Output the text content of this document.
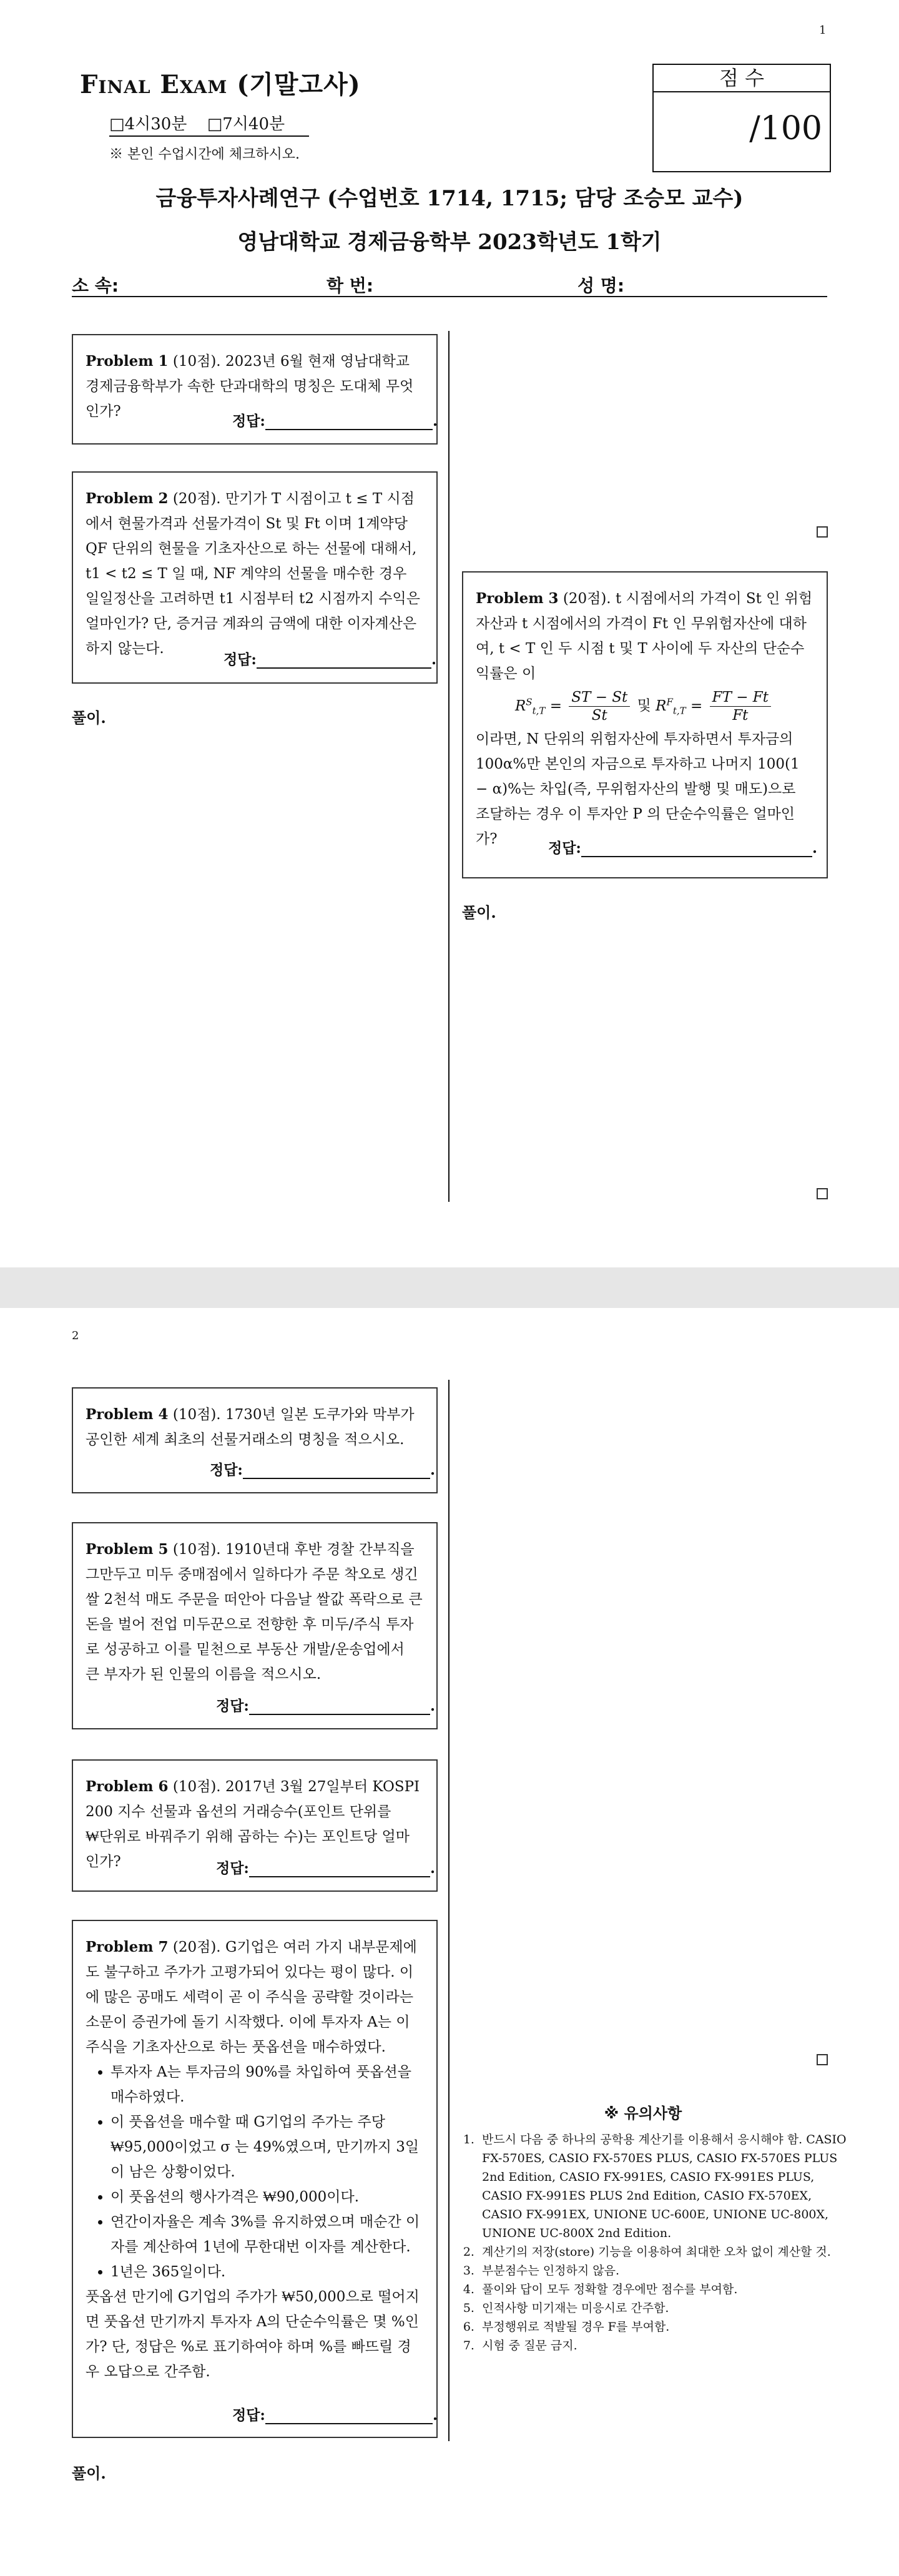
1
Final Exam (기말고사)
□4시30분 □7시40분
※ 본인 수업시간에 체크하시오.
점 수
/100
금융투자사례연구 (수업번호 1714, 1715; 담당 조승모 교수)
영남대학교 경제금융학부 2023학년도 1학기
소 속:	학 번:	성 명:
Problem 1 (10점). 2023년 6월 현재 영남대학교 경제금융학부가 속한 단과대학의 명칭은 도대체 무엇인가?
정답:	.
Problem 2 (20점). 만기가 T 시점이고 t ≤ T 시점에서 현물가격과 선물가격이 St 및 Ft 이며 1계약당 QF 단위의 현물을 기초자산으로 하는 선물에 대해서, t1 < t2 ≤ T 일 때, NF 계약의 선물을 매수한 경우 일일정산을 고려하면 t1 시점부터 t2 시점까지 수익은 얼마인가? 단, 증거금 계좌의 금액에 대한 이자계산은 하지 않는다.
정답:	.
풀이.
Problem 3 (20점). t 시점에서의 가격이 St 인 위험자산과 t 시점에서의 가격이 Ft 인 무위험자산에 대하여, t < T 인 두 시점 t 및 T 사이에 두 자산의 단순수익률은 이
$R^S_{t,T} = \frac{ST - St}{St}$ 및 $R^F_{t,T} = \frac{FT - Ft}{Ft}$
이라면, N 단위의 위험자산에 투자하면서 투자금의 100α%만 본인의 자금으로 투자하고 나머지 100(1 − α)%는 차입(즉, 무위험자산의 발행 및 매도)으로 조달하는 경우 이 투자안 P 의 단순수익률은 얼마인가?
정답:	.
풀이.
2
Problem 4 (10점). 1730년 일본 도쿠가와 막부가 공인한 세계 최초의 선물거래소의 명칭을 적으시오.
정답:	.
Problem 5 (10점). 1910년대 후반 경찰 간부직을 그만두고 미두 중매점에서 일하다가 주문 착오로 생긴 쌀 2천석 매도 주문을 떠안아 다음날 쌀값 폭락으로 큰 돈을 벌어 전업 미두꾼으로 전향한 후 미두/주식 투자로 성공하고 이를 밑천으로 부동산 개발/운송업에서 큰 부자가 된 인물의 이름을 적으시오.
정답:	.
Problem 6 (10점). 2017년 3월 27일부터 KOSPI 200 지수 선물과 옵션의 거래승수(포인트 단위를 ₩단위로 바꿔주기 위해 곱하는 수)는 포인트당 얼마인가?	정답:	.
Problem 7 (20점). G기업은 여러 가지 내부문제에도 불구하고 주가가 고평가되어 있다는 평이 많다. 이에 많은 공매도 세력이 곧 이 주식을 공략할 것이라는 소문이 증권가에 돌기 시작했다. 이에 투자자 A는 이 주식을 기초자산으로 하는 풋옵션을 매수하였다.
• 투자자 A는 투자금의 90%를 차입하여 풋옵션을 매수하였다.
• 이 풋옵션을 매수할 때 G기업의 주가는 주당 ₩95,000이었고 σ 는 49%였으며, 만기까지 3일이 남은 상황이었다.
• 이 풋옵션의 행사가격은 ₩90,000이다.
• 연간이자율은 계속 3%를 유지하였으며 매순간 이자를 계산하여 1년에 무한대번 이자를 계산한다.
• 1년은 365일이다.
풋옵션 만기에 G기업의 주가가 ₩50,000으로 떨어지면 풋옵션 만기까지 투자자 A의 단순수익률은 몇 %인가? 단, 정답은 %로 표기하여야 하며 %를 빠뜨릴 경우 오답으로 간주함.
정답:	.
풀이.
※ 유의사항
1. 반드시 다음 중 하나의 공학용 계산기를 이용해서 응시해야 함. CASIO FX-570ES, CASIO FX-570ES PLUS, CASIO FX-570ES PLUS 2nd Edition, CASIO FX-991ES, CASIO FX-991ES PLUS, CASIO FX-991ES PLUS 2nd Edition, CASIO FX-570EX, CASIO FX-991EX, UNIONE UC-600E, UNIONE UC-800X, UNIONE UC-800X 2nd Edition.
2. 계산기의 저장(store) 기능을 이용하여 최대한 오차 없이 계산할 것.
3. 부분점수는 인정하지 않음.
4. 풀이와 답이 모두 정확할 경우에만 점수를 부여함.
5. 인적사항 미기재는 미응시로 간주함.
6. 부정행위로 적발될 경우 F를 부여함.
7. 시험 중 질문 금지.
